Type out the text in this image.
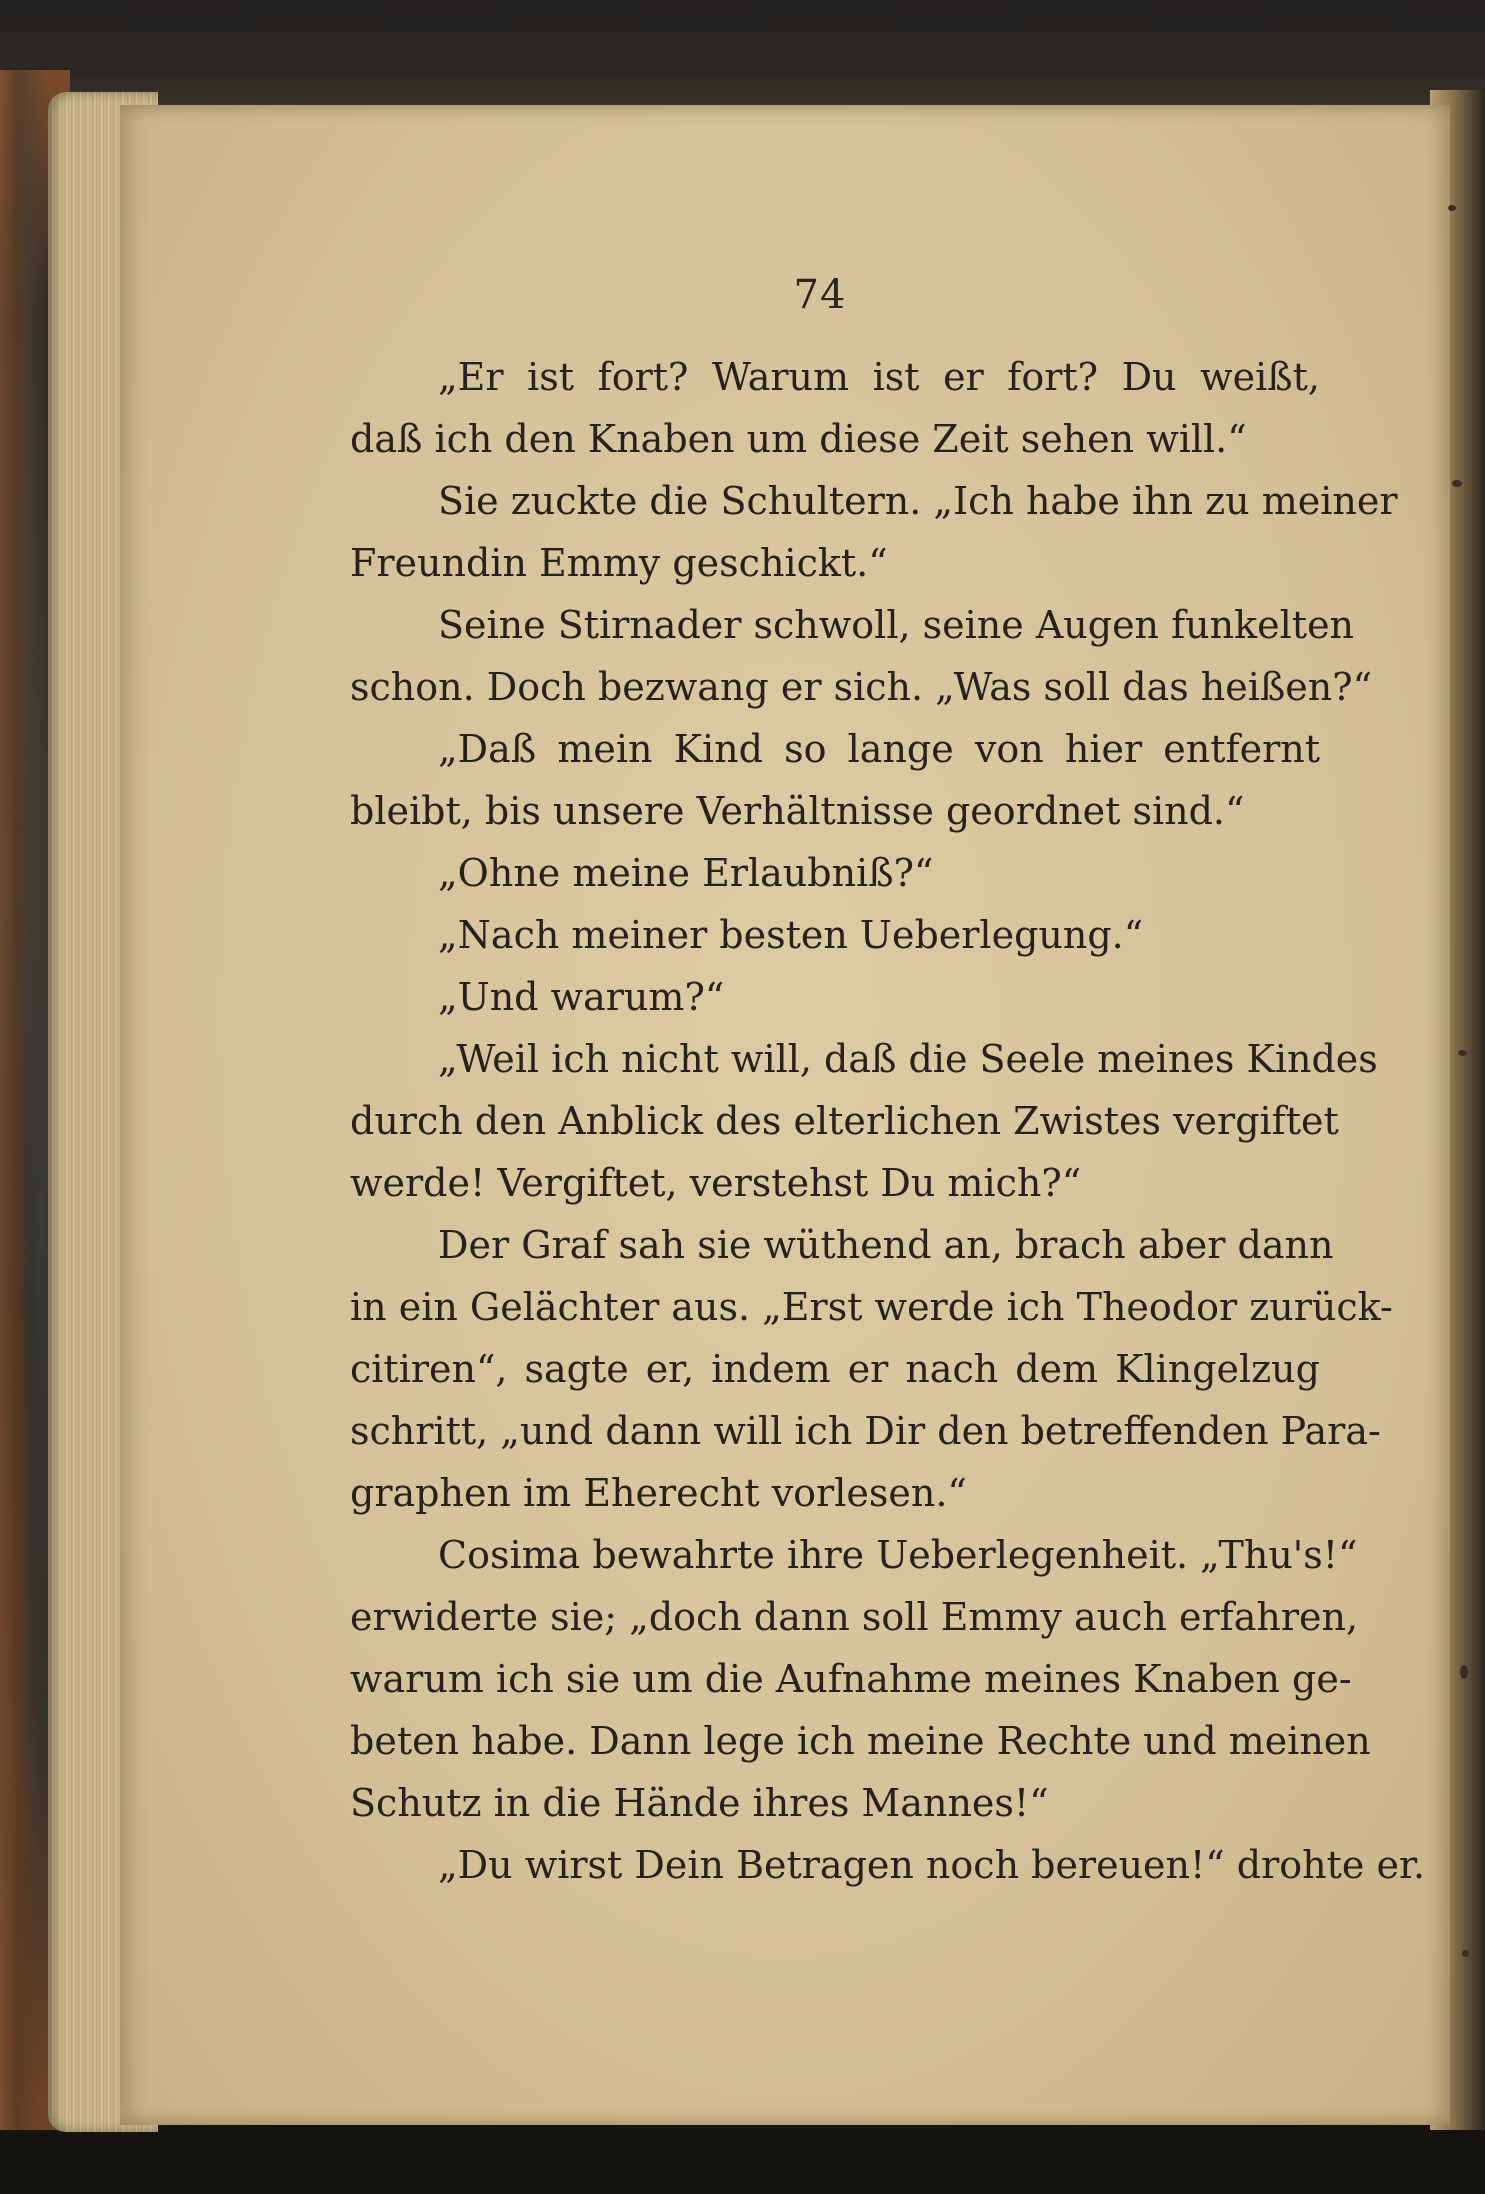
74
„Er ist fort? Warum ist er fort? Du weißt,
daß ich den Knaben um diese Zeit sehen will.“
Sie zuckte die Schultern. „Ich habe ihn zu meiner
Freundin Emmy geschickt.“
Seine Stirnader schwoll, seine Augen funkelten
schon. Doch bezwang er sich. „Was soll das heißen?“
„Daß mein Kind so lange von hier entfernt
bleibt, bis unsere Verhältnisse geordnet sind.“
„Ohne meine Erlaubniß?“
„Nach meiner besten Ueberlegung.“
„Und warum?“
„Weil ich nicht will, daß die Seele meines Kindes
durch den Anblick des elterlichen Zwistes vergiftet
werde! Vergiftet, verstehst Du mich?“
Der Graf sah sie wüthend an, brach aber dann
in ein Gelächter aus. „Erst werde ich Theodor zurück-
citiren“, sagte er, indem er nach dem Klingelzug
schritt, „und dann will ich Dir den betreffenden Para-
graphen im Eherecht vorlesen.“
Cosima bewahrte ihre Ueberlegenheit. „Thu's!“
erwiderte sie; „doch dann soll Emmy auch erfahren,
warum ich sie um die Aufnahme meines Knaben ge-
beten habe. Dann lege ich meine Rechte und meinen
Schutz in die Hände ihres Mannes!“
„Du wirst Dein Betragen noch bereuen!“ drohte er.
